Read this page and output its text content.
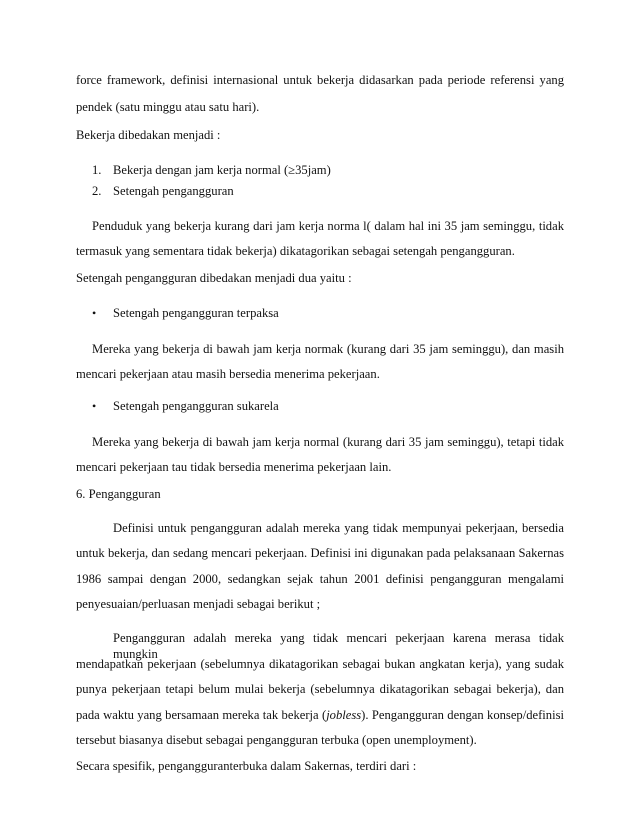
force framework, definisi internasional untuk bekerja didasarkan pada periode referensi yang
pendek (satu minggu atau satu hari).
Bekerja dibedakan menjadi :
1. Bekerja dengan jam kerja normal (≥35jam)
2. Setengah pengangguran
Penduduk yang bekerja kurang dari jam kerja norma l( dalam hal ini 35 jam seminggu, tidak
termasuk yang sementara tidak bekerja) dikatagorikan sebagai setengah pengangguran.
Setengah pengangguran dibedakan menjadi dua yaitu :
• Setengah pengangguran terpaksa
Mereka yang bekerja di bawah jam kerja normak (kurang dari 35 jam seminggu), dan masih
mencari pekerjaan atau masih bersedia menerima pekerjaan.
• Setengah pengangguran sukarela
Mereka yang bekerja di bawah jam kerja normal (kurang dari 35 jam seminggu), tetapi tidak
mencari pekerjaan tau tidak bersedia menerima pekerjaan lain.
6. Pengangguran
Definisi untuk pengangguran adalah mereka yang tidak mempunyai pekerjaan, bersedia
untuk bekerja, dan sedang mencari pekerjaan. Definisi ini digunakan pada pelaksanaan Sakernas
1986 sampai dengan 2000, sedangkan sejak tahun 2001 definisi pengangguran mengalami
penyesuaian/perluasan menjadi sebagai berikut ;
Pengangguran adalah mereka yang tidak mencari pekerjaan karena merasa tidak mungkin
mendapatkan pekerjaan (sebelumnya dikatagorikan sebagai bukan angkatan kerja), yang sudak
punya pekerjaan tetapi belum mulai bekerja (sebelumnya dikatagorikan sebagai bekerja), dan
pada waktu yang bersamaan mereka tak bekerja (jobless). Pengangguran dengan konsep/definisi
tersebut biasanya disebut sebagai pengangguran terbuka (open unemployment).
Secara spesifik, pengangguranterbuka dalam Sakernas, terdiri dari :
